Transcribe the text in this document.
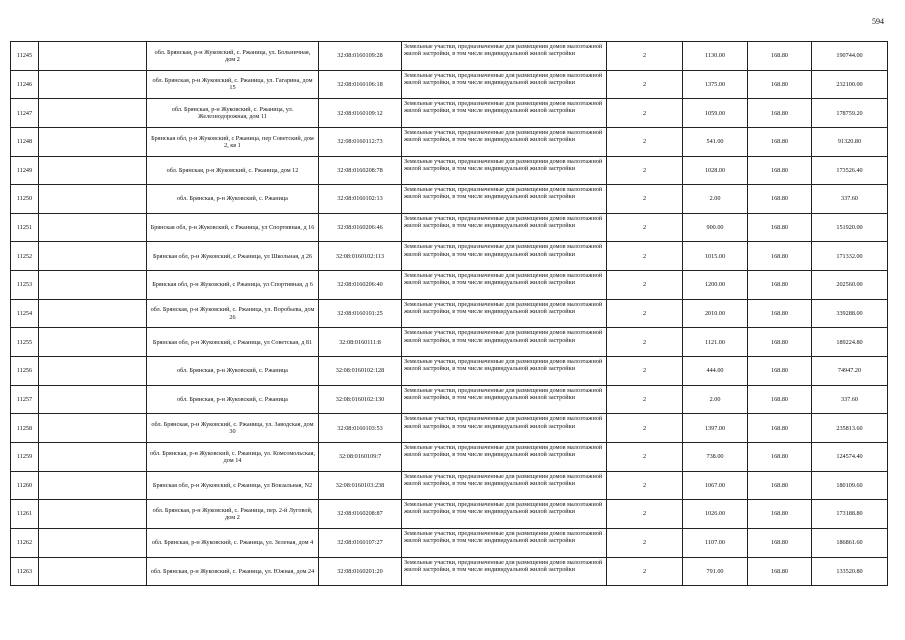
594
11245		обл. Брянская, р-н Жуковский, с. Ржаница, ул. Больничная, дом 2	32:08:0160109:28	Земельные участки, предназначенные для размещения домов малоэтажной жилой застройки, в том числе индивидуальной жилой застройки	2	1130.00	168.80	190744.00
11246		обл. Брянская, р-н Жуковский, с. Ржаница, ул. Гагарина, дом 15	32:08:0160106:18	Земельные участки, предназначенные для размещения домов малоэтажной жилой застройки, в том числе индивидуальной жилой застройки	2	1375.00	168.80	232100.00
11247		обл. Брянская, р-н Жуковский, с. Ржаница, ул. Железнодорожная, дом 11	32:08:0160109:12	Земельные участки, предназначенные для размещения домов малоэтажной жилой застройки, в том числе индивидуальной жилой застройки	2	1059.00	168.80	178759.20
11248		Брянская обл, р-н Жуковский, с Ржаница, пер Советский, дом 2, кв 1	32:08:0160112:73	Земельные участки, предназначенные для размещения домов малоэтажной жилой застройки, в том числе индивидуальной жилой застройки	2	541.00	168.80	91320.80
11249		обл. Брянская, р-н Жуковский, с. Ржаница, дом 12	32:08:0160208:78	Земельные участки, предназначенные для размещения домов малоэтажной жилой застройки, в том числе индивидуальной жилой застройки	2	1028.00	168.80	173526.40
11250		обл. Брянская, р-н Жуковский, с. Ржаница	32:08:0160102:13	Земельные участки, предназначенные для размещения домов малоэтажной жилой застройки, в том числе индивидуальной жилой застройки	2	2.00	168.80	337.60
11251		Брянская обл, р-н Жуковский, с Ржаница, ул Спортивная, д 16	32:08:0160206:46	Земельные участки, предназначенные для размещения домов малоэтажной жилой застройки, в том числе индивидуальной жилой застройки	2	900.00	168.80	151920.00
11252		Брянская обл, р-н Жуковский, с Ржаница, ул Школьная, д 26	32:08:0160102:113	Земельные участки, предназначенные для размещения домов малоэтажной жилой застройки, в том числе индивидуальной жилой застройки	2	1015.00	168.80	171332.00
11253		Брянская обл, р-н Жуковский, с Ржаница, ул Спортивная, д 6	32:08:0160206:40	Земельные участки, предназначенные для размещения домов малоэтажной жилой застройки, в том числе индивидуальной жилой застройки	2	1200.00	168.80	202560.00
11254		обл. Брянская, р-н Жуковский, с. Ржаница, ул. Воробьева, дом 26	32:08:0160101:25	Земельные участки, предназначенные для размещения домов малоэтажной жилой застройки, в том числе индивидуальной жилой застройки	2	2010.00	168.80	339288.00
11255		Брянская обл, р-н Жуковский, с Ржаница, ул Советская, д 81	32:08:0160111:8	Земельные участки, предназначенные для размещения домов малоэтажной жилой застройки, в том числе индивидуальной жилой застройки	2	1121.00	168.80	189224.80
11256		обл. Брянская, р-н Жуковский, с. Ржаница	32:08:0160102:128	Земельные участки, предназначенные для размещения домов малоэтажной жилой застройки, в том числе индивидуальной жилой застройки	2	444.00	168.80	74947.20
11257		обл. Брянская, р-н Жуковский, с. Ржаница	32:08:0160102:130	Земельные участки, предназначенные для размещения домов малоэтажной жилой застройки, в том числе индивидуальной жилой застройки	2	2.00	168.80	337.60
11258		обл. Брянская, р-н Жуковский, с. Ржаница, ул. Заводская, дом 30	32:08:0160103:53	Земельные участки, предназначенные для размещения домов малоэтажной жилой застройки, в том числе индивидуальной жилой застройки	2	1397.00	168.80	235813.60
11259		обл. Брянская, р-н Жуковский, с. Ржаница, ул. Комсомольская, дом 14	32:08:0160109:7	Земельные участки, предназначенные для размещения домов малоэтажной жилой застройки, в том числе индивидуальной жилой застройки	2	738.00	168.80	124574.40
11260		Брянская обл, р-н Жуковский, с Ржаница, ул Вокзальная, N2	32:08:0160103:238	Земельные участки, предназначенные для размещения домов малоэтажной жилой застройки, в том числе индивидуальной жилой застройки	2	1067.00	168.80	180109.60
11261		обл. Брянская, р-н Жуковский, с. Ржаница, пер. 2-й Луговой, дом 2	32:08:0160208:87	Земельные участки, предназначенные для размещения домов малоэтажной жилой застройки, в том числе индивидуальной жилой застройки	2	1026.00	168.80	173188.80
11262		обл. Брянская, р-н Жуковский, с. Ржаница, ул. Зеленая, дом 4	32:08:0160107:27	Земельные участки, предназначенные для размещения домов малоэтажной жилой застройки, в том числе индивидуальной жилой застройки	2	1107.00	168.80	186861.60
11263		обл. Брянская, р-н Жуковский, с. Ржаница, ул. Южная, дом 24	32:08:0160201:20	Земельные участки, предназначенные для размещения домов малоэтажной жилой застройки, в том числе индивидуальной жилой застройки	2	791.00	168.80	133520.80
